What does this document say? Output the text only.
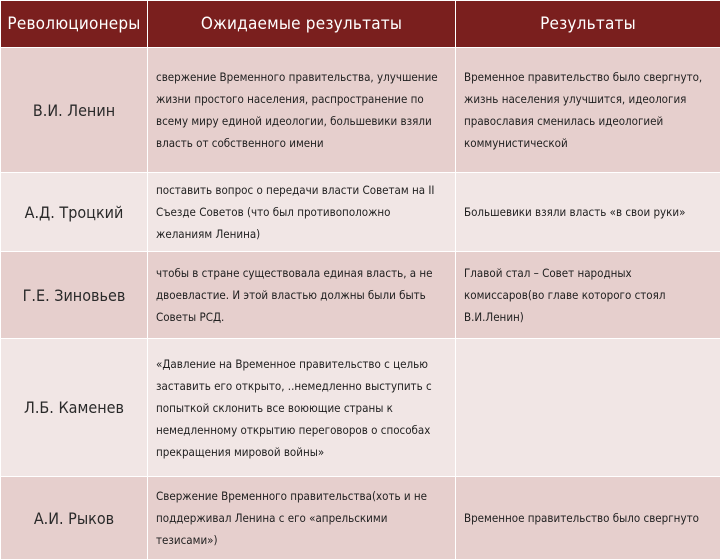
Революционеры	Ожидаемые результаты	Результаты
В.И. Ленин	свержение Временного правительства, улучшение жизни простого населения, распространение по всему миру единой идеологии, большевики взяли власть от собственного имени	Временное правительство было свергнуто, жизнь населения улучшится, идеология православия сменилась идеологией коммунистической
А.Д. Троцкий	поставить вопрос о передачи власти Советам на II Съезде Советов (что был противоположно желаниям Ленина)	Большевики взяли власть «в свои руки»
Г.Е. Зиновьев	чтобы в стране существовала единая власть, а не двоевластие. И этой властью должны были быть Советы РСД.	Главой стал – Совет народных комиссаров(во главе которого стоял В.И.Ленин)
Л.Б. Каменев	«Давление на Временное правительство с целью заставить его открыто, ..немедленно выступить с попыткой склонить все воюющие страны к немедленному открытию переговоров о способах прекращения мировой войны»	
А.И. Рыков	Свержение Временного правительства(хоть и не поддерживал Ленина с его «апрельскими тезисами»)	Временное правительство было свергнуто
